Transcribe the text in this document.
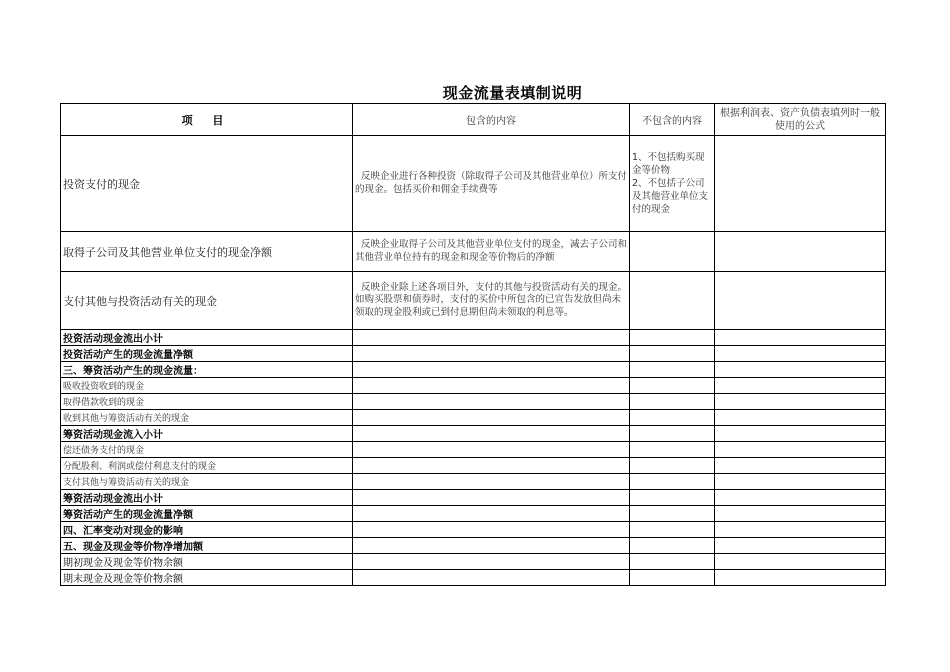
现金流量表填制说明
项 目	包含的内容	不包含的内容	根据利润表、资产负债表填列时一般使用的公式
投资支付的现金	反映企业进行各种投资（除取得子公司及其他营业单位）所支付的现金。包括买价和佣金手续费等	1、不包括购买现金等价物
2、不包括子公司及其他营业单位支付的现金	
取得子公司及其他营业单位支付的现金净额	反映企业取得子公司及其他营业单位支付的现金，减去子公司和其他营业单位持有的现金和现金等价物后的净额		
支付其他与投资活动有关的现金	反映企业除上述各项目外，支付的其他与投资活动有关的现金。如购买股票和债券时，支付的买价中所包含的已宣告发放但尚未领取的现金股利或已到付息期但尚未领取的利息等。		
投资活动现金流出小计			
投资活动产生的现金流量净额			
三、筹资活动产生的现金流量：			
吸收投资收到的现金			
取得借款收到的现金			
收到其他与筹资活动有关的现金			
筹资活动现金流入小计			
偿还债务支付的现金			
分配股利、利润或偿付利息支付的现金			
支付其他与筹资活动有关的现金			
筹资活动现金流出小计			
筹资活动产生的现金流量净额			
四、汇率变动对现金的影响			
五、现金及现金等价物净增加额			
期初现金及现金等价物余额			
期末现金及现金等价物余额			
